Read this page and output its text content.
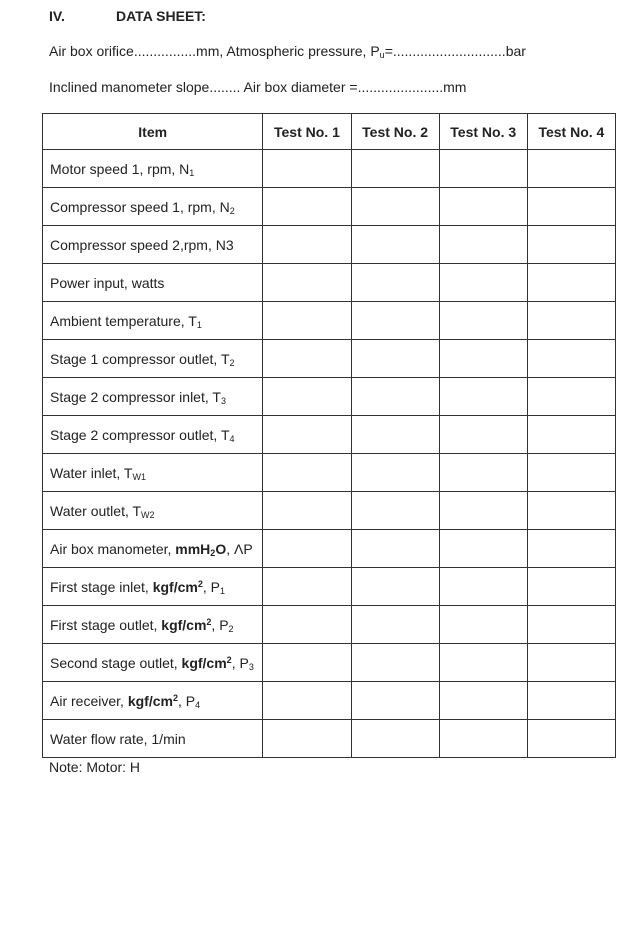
IV.	DATA SHEET:
Air box orifice................mm, Atmospheric pressure, $P_u=.............................bar$
Inclined manometer slope........ Air box diameter =......................mm
Item	Test No. 1	Test No. 2	Test No. 3	Test No. 4
Motor speed 1, rpm, $N_1$				
Compressor speed 1, rpm, $N_2$				
Compressor speed 2,rpm, N3				
Power input, watts				
Ambient temperature, $T_1$				
Stage 1 compressor outlet, $T_2$				
Stage 2 compressor inlet, $T_3$				
Stage 2 compressor outlet, $T_4$				
Water inlet, $T_{W1}$				
Water outlet, $T_{W2}$				
Air box manometer, mmH$_2$O, ΛP				
First stage inlet, kgf/$cm^2$, $P_1$				
First stage outlet, kgf/$cm^2$, $P_2$				
Second stage outlet, kgf/$cm^2$, $P_3$				
Air receiver, kgf/$cm^2$, $P_4$				
Water flow rate, 1/min				
Note: Motor: H
